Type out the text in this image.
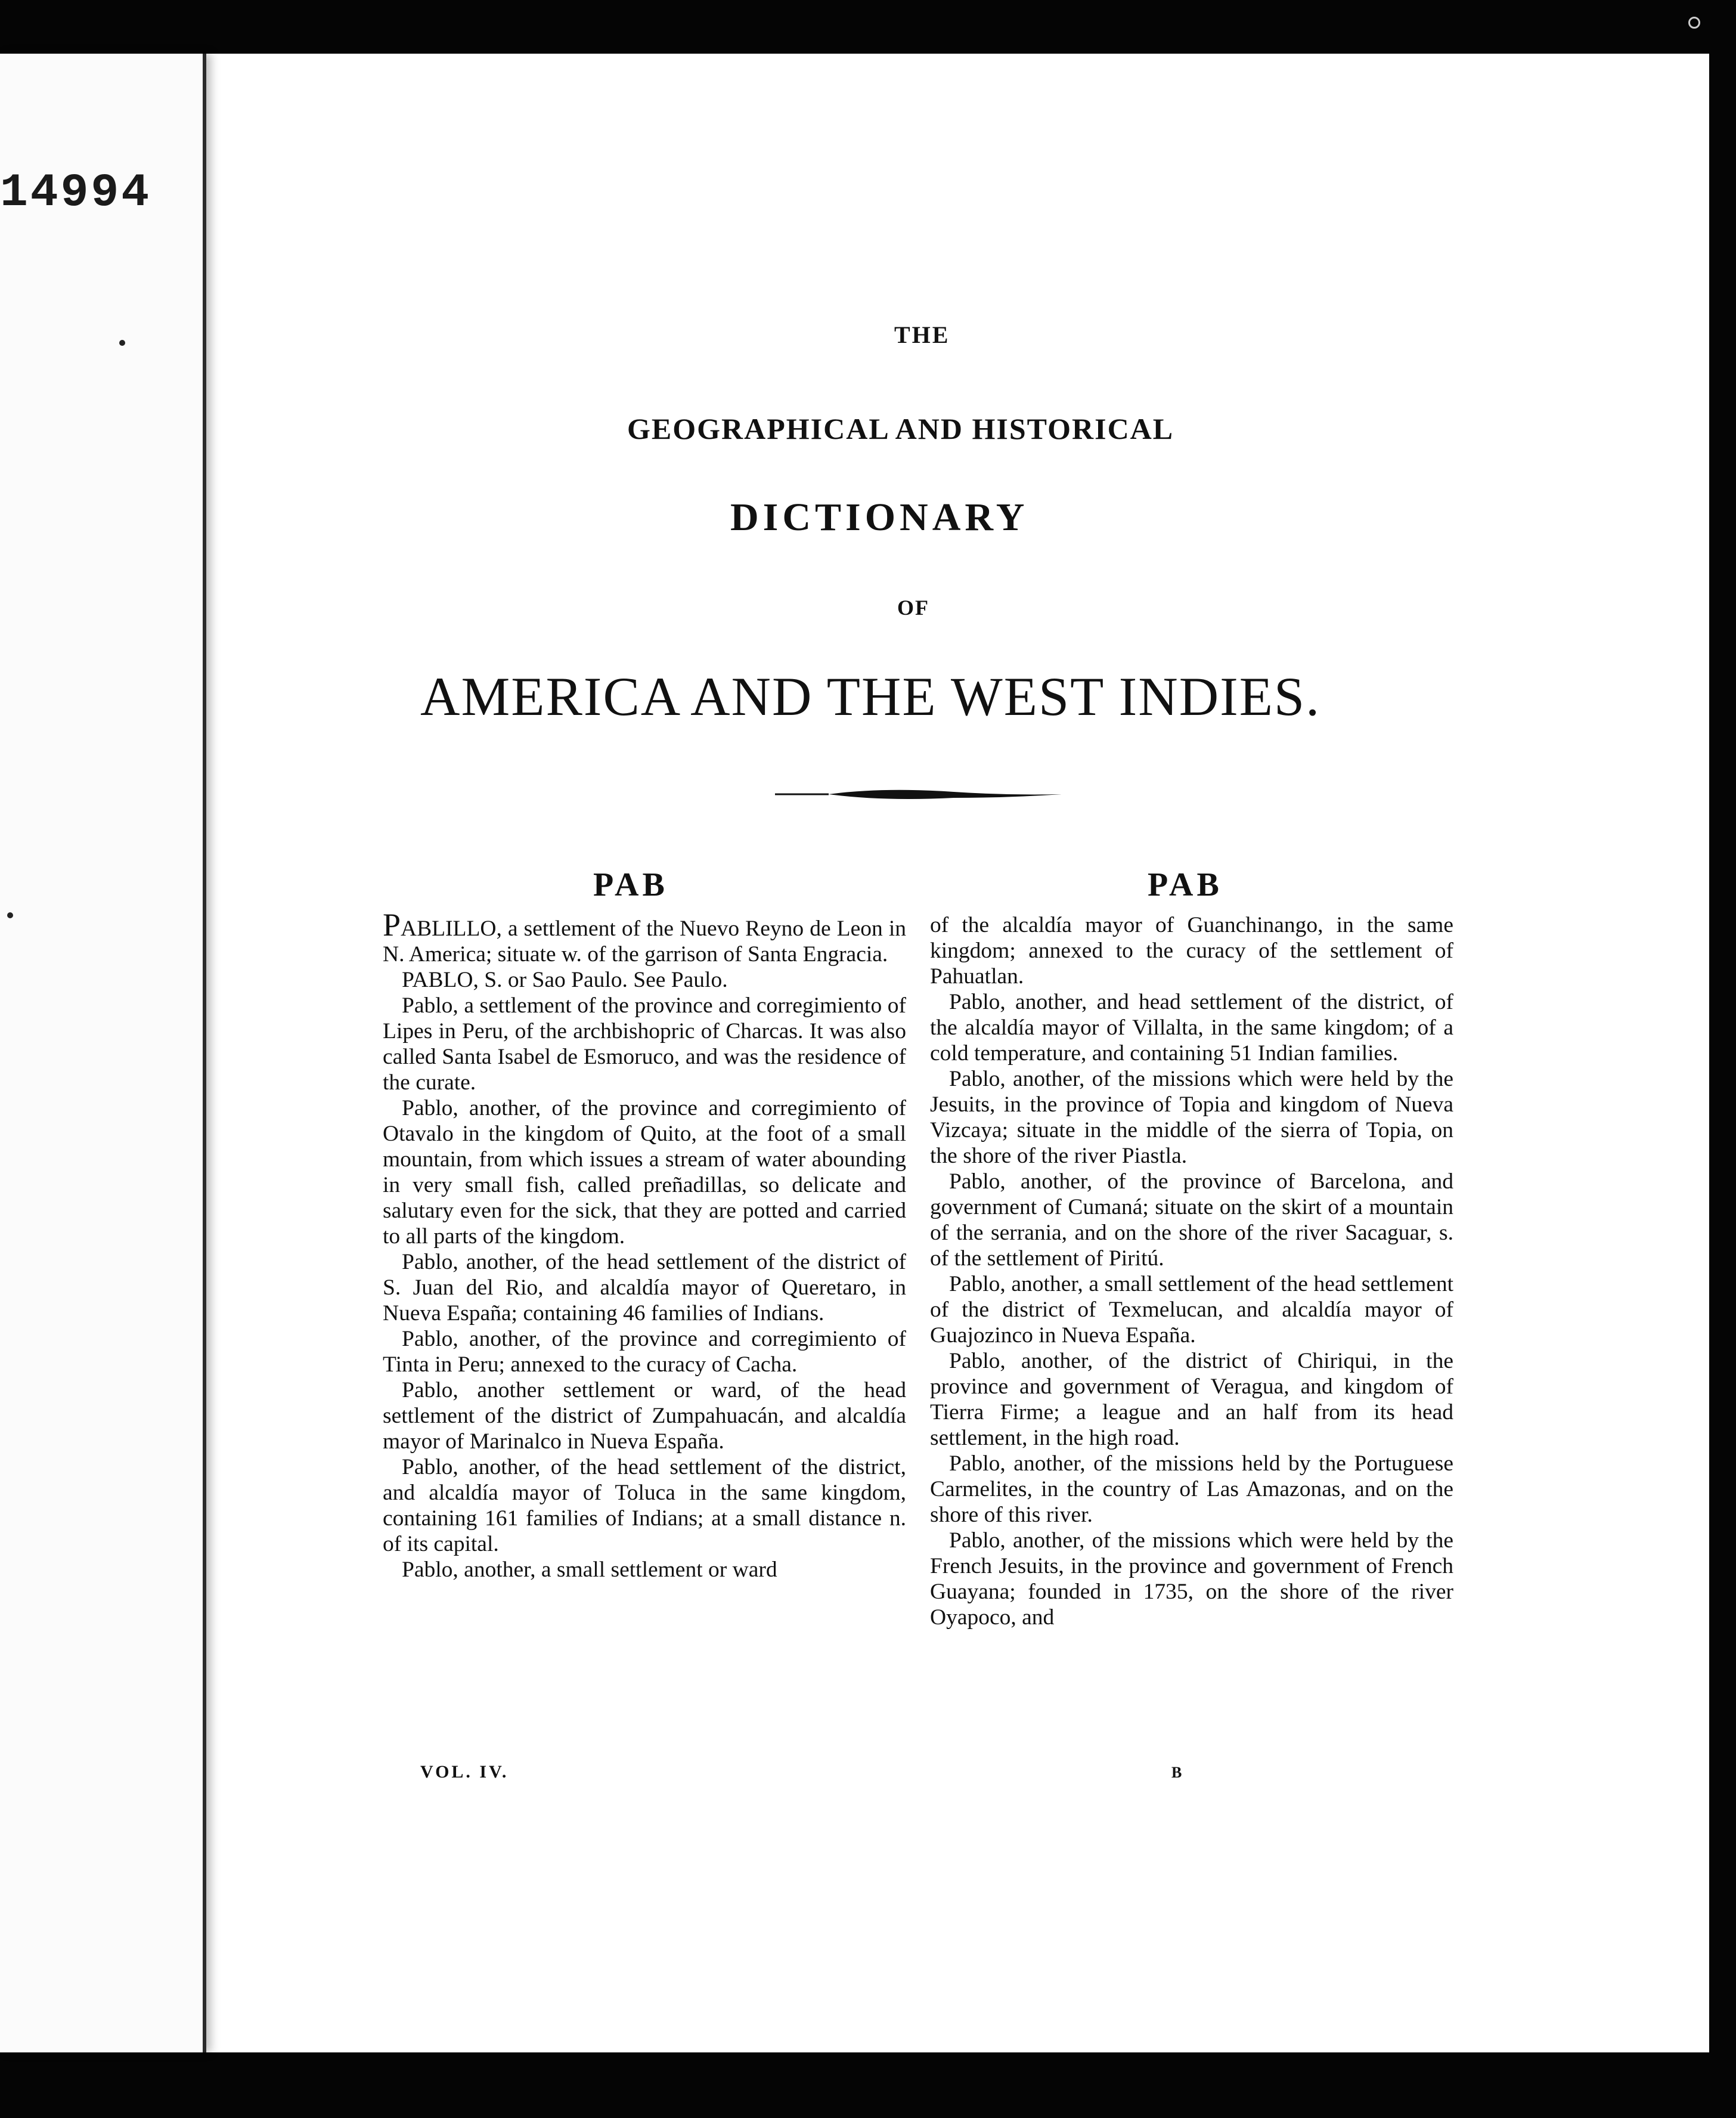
14994
THE
GEOGRAPHICAL AND HISTORICAL
DICTIONARY
OF
AMERICA AND THE WEST INDIES.
PAB	PAB

PABLILLO, a settlement of the Nuevo Reyno de Leon in N. America; situate w. of the garrison of Santa Engracia.

PABLO, S. or Sao Paulo. See Paulo.

Pablo, a settlement of the province and corregimiento of Lipes in Peru, of the archbishopric of Charcas. It was also called Santa Isabel de Esmoruco, and was the residence of the curate.

Pablo, another, of the province and corregimiento of Otavalo in the kingdom of Quito, at the foot of a small mountain, from which issues a stream of water abounding in very small fish, called preñadillas, so delicate and salutary even for the sick, that they are potted and carried to all parts of the kingdom.

Pablo, another, of the head settlement of the district of S. Juan del Rio, and alcaldía mayor of Queretaro, in Nueva España; containing 46 families of Indians.

Pablo, another, of the province and corregimiento of Tinta in Peru; annexed to the curacy of Cacha.

Pablo, another settlement or ward, of the head settlement of the district of Zumpahuacán, and alcaldía mayor of Marinalco in Nueva España.

Pablo, another, of the head settlement of the district, and alcaldía mayor of Toluca in the same kingdom, containing 161 families of Indians; at a small distance n. of its capital.

Pablo, another, a small settlement or ward

of the alcaldía mayor of Guanchinango, in the same kingdom; annexed to the curacy of the settlement of Pahuatlan.

Pablo, another, and head settlement of the district, of the alcaldía mayor of Villalta, in the same kingdom; of a cold temperature, and containing 51 Indian families.

Pablo, another, of the missions which were held by the Jesuits, in the province of Topia and kingdom of Nueva Vizcaya; situate in the middle of the sierra of Topia, on the shore of the river Piastla.

Pablo, another, of the province of Barcelona, and government of Cumaná; situate on the skirt of a mountain of the serrania, and on the shore of the river Sacaguar, s. of the settlement of Piritú.

Pablo, another, a small settlement of the head settlement of the district of Texmelucan, and alcaldía mayor of Guajozinco in Nueva España.

Pablo, another, of the district of Chiriqui, in the province and government of Veragua, and kingdom of Tierra Firme; a league and an half from its head settlement, in the high road.

Pablo, another, of the missions held by the Portuguese Carmelites, in the country of Las Amazonas, and on the shore of this river.

Pablo, another, of the missions which were held by the French Jesuits, in the province and government of French Guayana; founded in 1735, on the shore of the river Oyapoco, and

VOL. IV.	B
